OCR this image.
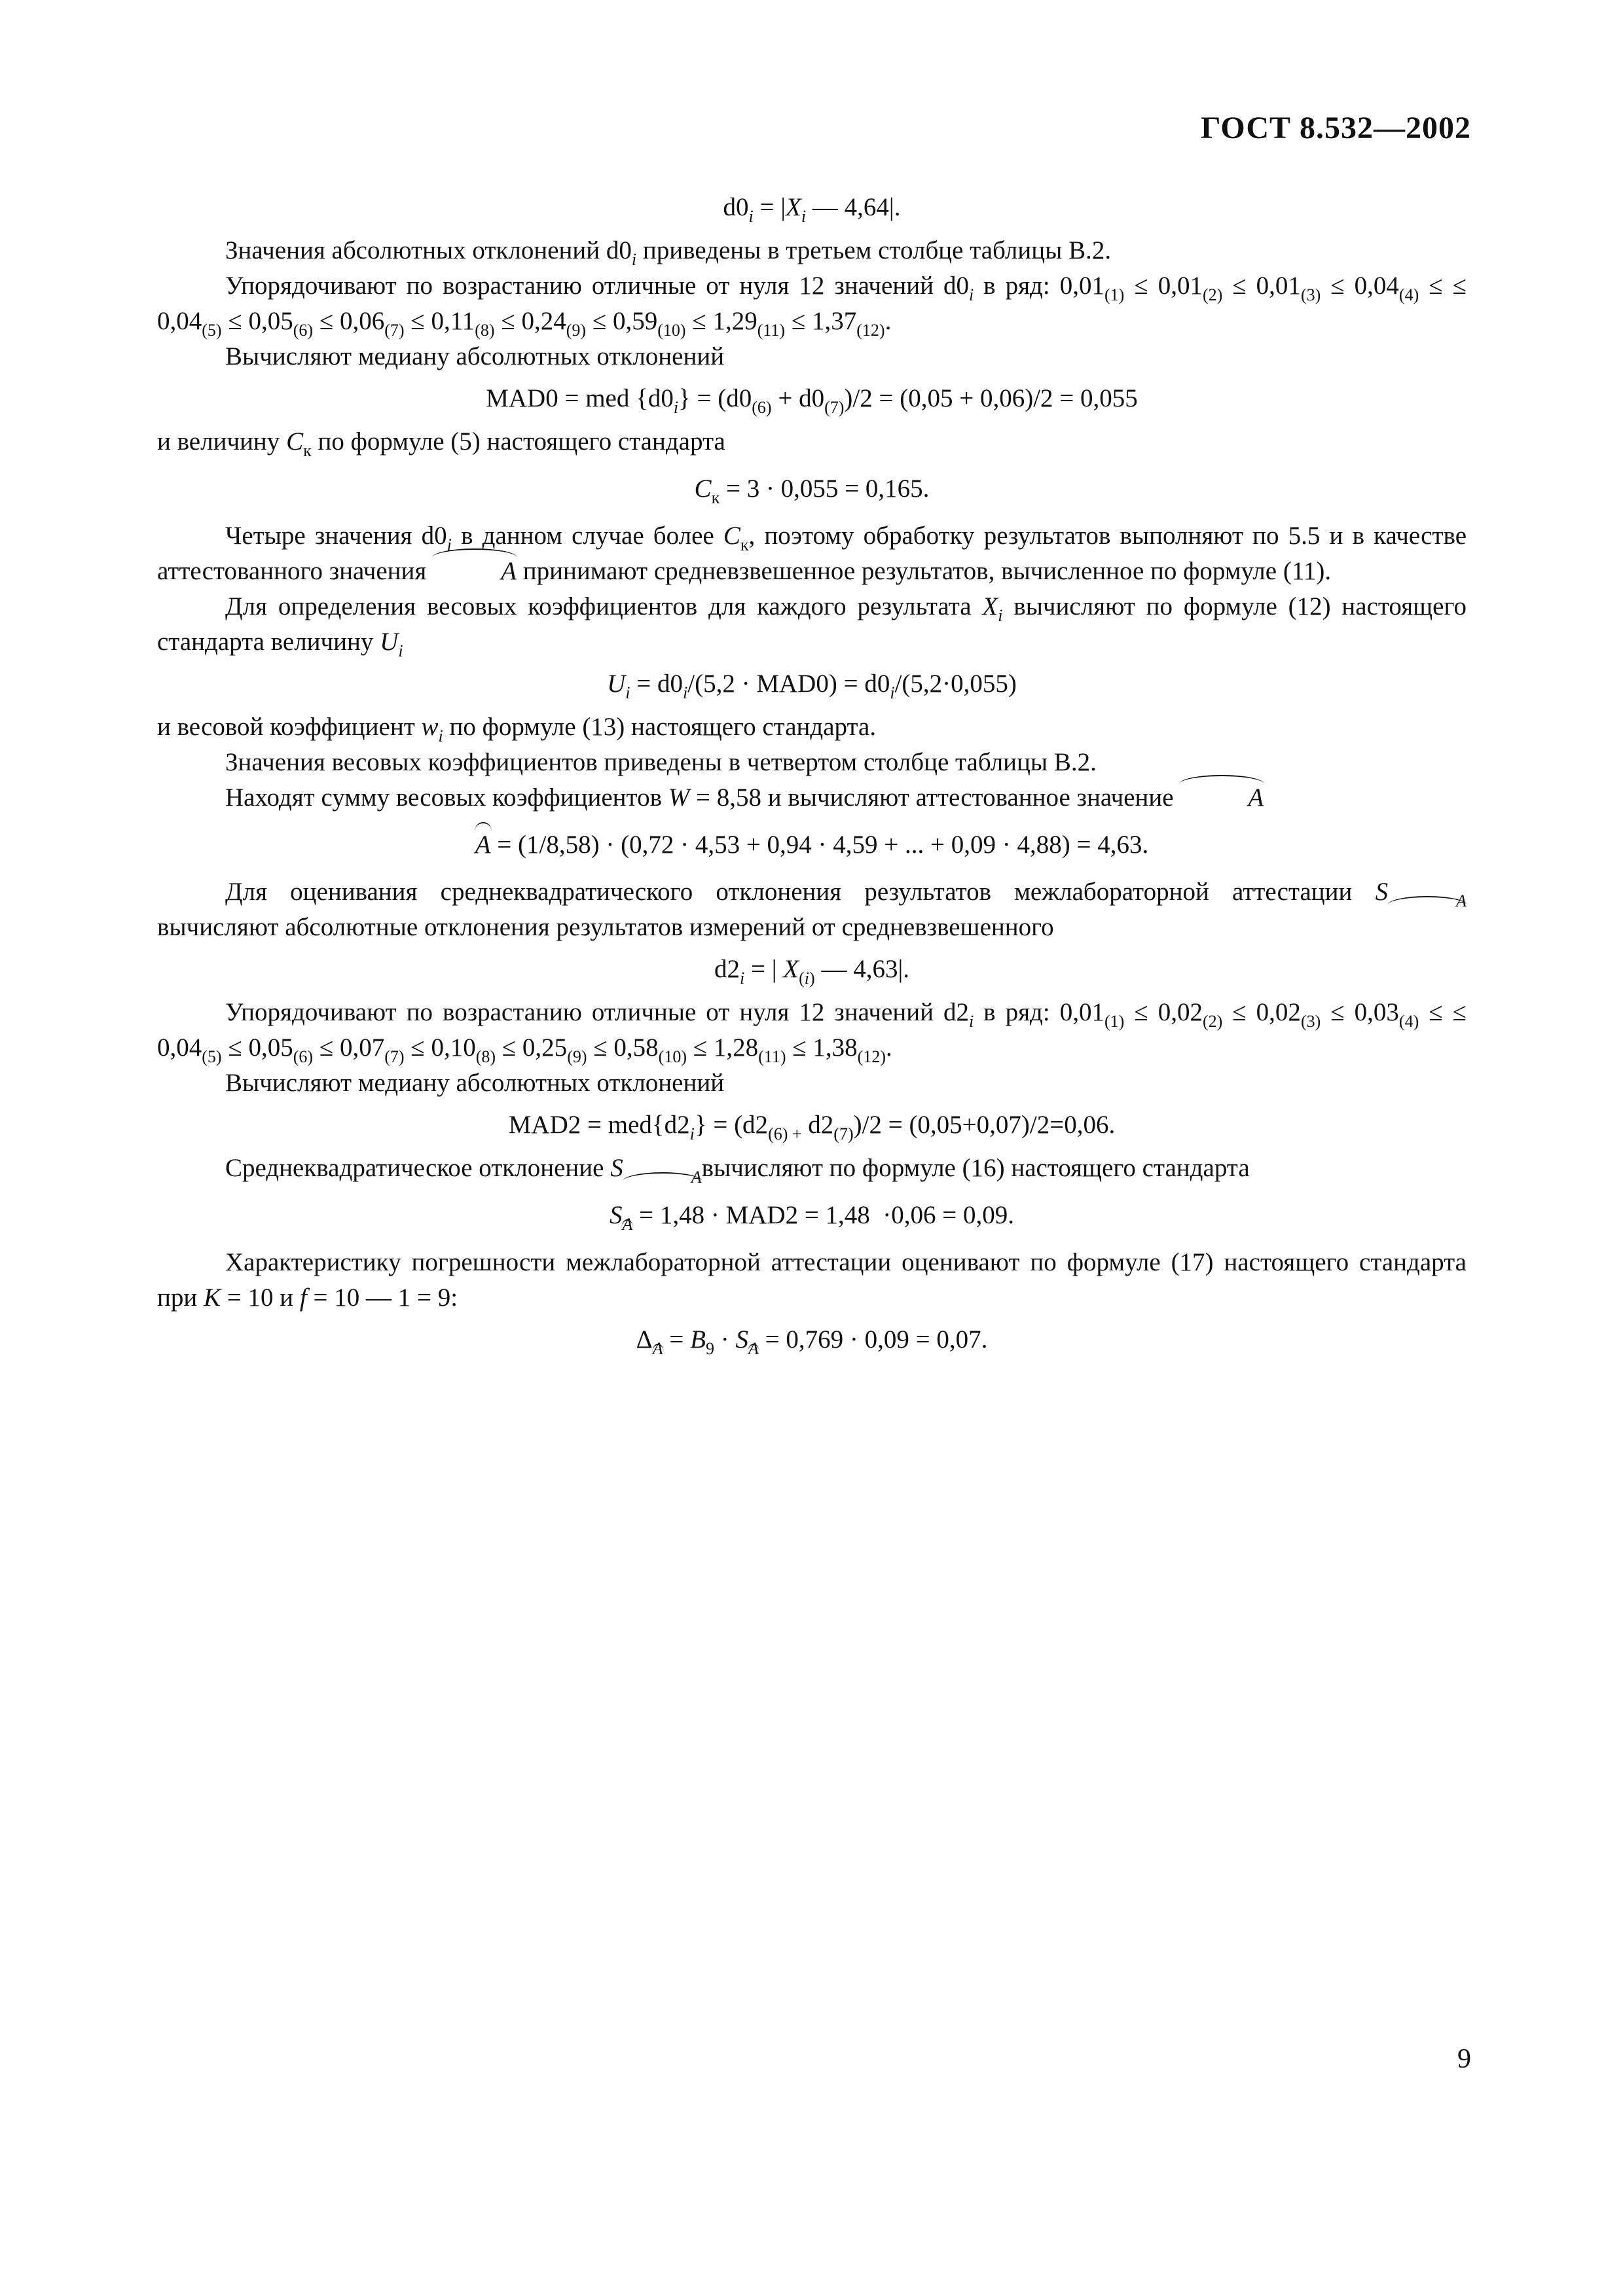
ГОСТ 8.532—2002

$d0_i = |X_i$ — 4,64|.

Значения абсолютных отклонений $d0_i$ приведены в третьем столбце таблицы В.2.

Упорядочивают по возрастанию отличные от нуля 12 значений $d0_i$ в ряд: $0,01_{(1)} \le 0,01_{(2)} \le 0,01_{(3)} \le 0,04_{(4)}$ ≤ ≤ $0,04_{(5)} \le 0,05_{(6)} \le 0,06_{(7)} \le 0,11_{(8)} \le 0,24_{(9)} \le 0,59_{(10)} \le 1,29_{(11)} \le 1,37_{(12)}$.

Вычисляют медиану абсолютных отклонений

MAD0 = med $\{d0_i\} = (d0_{(6)} + d0_{(7)})/2 = (0,05 + 0,06)/2 = 0,055$

и величину $C_к$ по формуле (5) настоящего стандарта

$C_к = 3 \cdot 0,055 = 0,165$.

Четыре значения $d0_i$ в данном случае более $C_к$, поэтому обработку результатов выполняют по 5.5 и в качестве аттестованного значения	A принимают средневзвешенное результатов, вычисленное по формуле (11).

Для определения весовых коэффициентов для каждого результата $X_i$ вычисляют по формуле (12) настоящего стандарта величину $U_i$

$U_i = d0_i/(5,2 \cdot MAD0) = d0_i/(5,2\cdot 0,055)$

и весовой коэффициент $w_i$ по формуле (13) настоящего стандарта.

Значения весовых коэффициентов приведены в четвертом столбце таблицы В.2.

Находят сумму весовых коэффициентов W = 8,58 и вычисляют аттестованное значение	A

A = (1/8,58) · (0,72 · 4,53 + 0,94 · 4,59 + ... + 0,09 · 4,88) = 4,63.

Для оценивания среднеквадратического отклонения результатов межлабораторной аттестации S	$_A$вычисляют абсолютные отклонения результатов измерений от средневзвешенного

$d2_i$ = | $X_{(i)}$ — 4,63|.

Упорядочивают по возрастанию отличные от нуля 12 значений $d2_i$ в ряд: $0,01_{(1)} \le 0,02_{(2)} \le 0,02_{(3)} \le 0,03_{(4)}$ ≤ ≤ $0,04_{(5)} \le 0,05_{(6)} \le 0,07_{(7)} \le 0,10_{(8)} \le 0,25_{(9)} \le 0,58_{(10)} \le 1,28_{(11)} \le 1,38_{(12)}$.

Вычисляют медиану абсолютных отклонений

$MAD2 = med\{d2_i\} = (d2_{(6) +}$ $d2_{(7)})/2 = (0,05+0,07)/2=0,06$.

Среднеквадратическое отклонение S	$_A$вычисляют по формуле (16) настоящего стандарта

$S_A = 1,48 \cdot MAD2 = 1,48 \cdot 0,06 = 0,09$.

Характеристику погрешности межлабораторной аттестации оценивают по формуле (17) настоящего стандарта при K = 10 и f = 10 — 1 = 9:

$\Delta_A = B_9 \cdot S_A = 0,769 \cdot 0,09 = 0,07$.

9
